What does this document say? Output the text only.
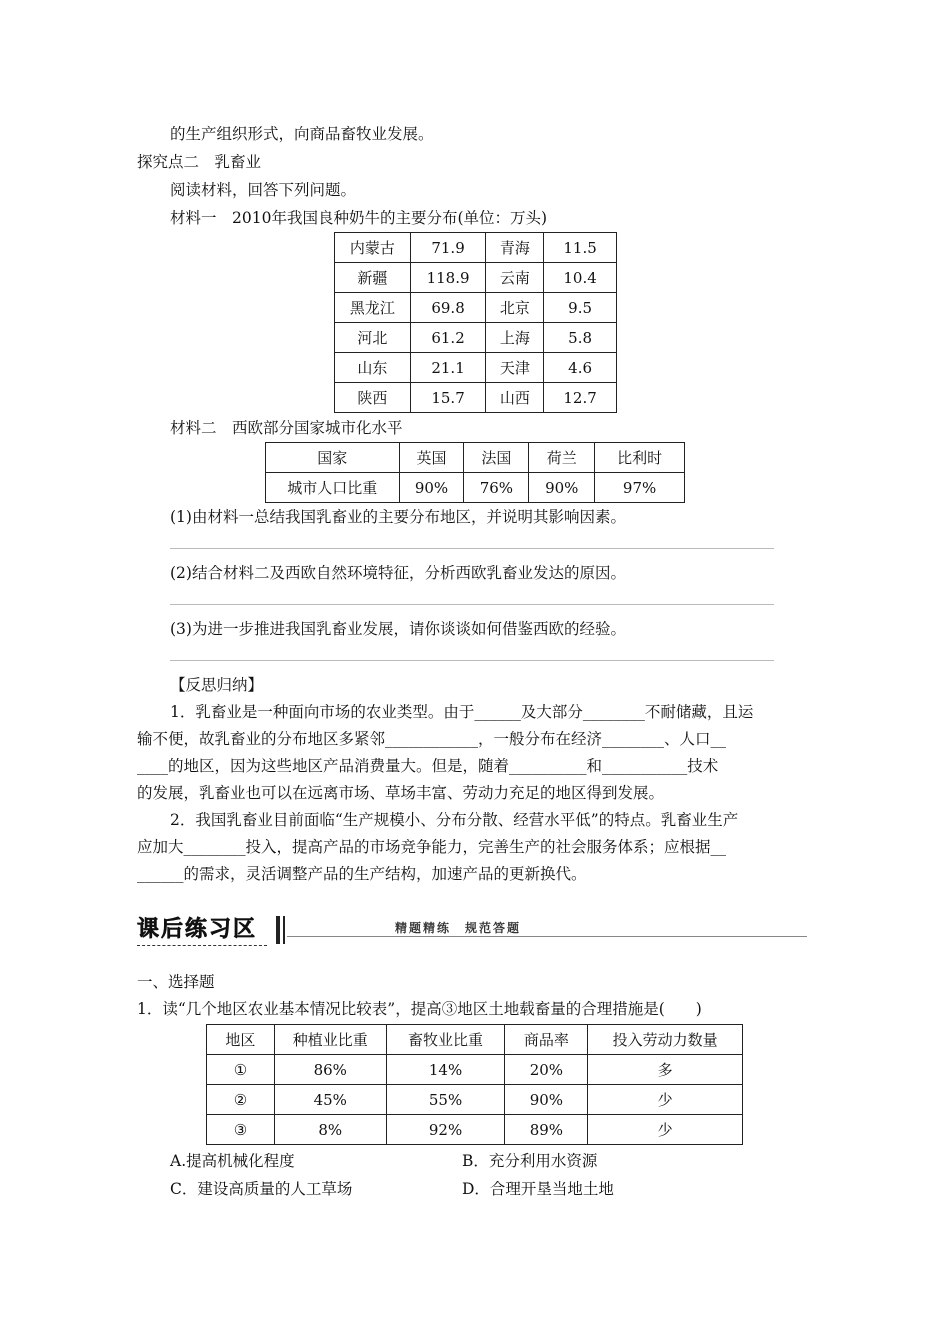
的生产组织形式，向商品畜牧业发展。
探究点二　乳畜业
阅读材料，回答下列问题。
材料一　2010年我国良种奶牛的主要分布(单位：万头)
内蒙古	71.9	青海	11.5
新疆	118.9	云南	10.4
黑龙江	69.8	北京	9.5
河北	61.2	上海	5.8
山东	21.1	天津	4.6
陕西	15.7	山西	12.7
材料二　西欧部分国家城市化水平
国家	英国	法国	荷兰	比利时
城市人口比重	90%	76%	90%	97%
(1)由材料一总结我国乳畜业的主要分布地区，并说明其影响因素。
(2)结合材料二及西欧自然环境特征，分析西欧乳畜业发达的原因。
(3)为进一步推进我国乳畜业发展，请你谈谈如何借鉴西欧的经验。
【反思归纳】
1．乳畜业是一种面向市场的农业类型。由于______及大部分________不耐储藏，且运
输不便，故乳畜业的分布地区多紧邻____________，一般分布在经济________、人口__
____的地区，因为这些地区产品消费量大。但是，随着__________和___________技术
的发展，乳畜业也可以在远离市场、草场丰富、劳动力充足的地区得到发展。
2．我国乳畜业目前面临“生产规模小、分布分散、经营水平低”的特点。乳畜业生产
应加大________投入，提高产品的市场竞争能力，完善生产的社会服务体系；应根据__
______的需求，灵活调整产品的生产结构，加速产品的更新换代。
课后练习区	精题精练　规范答题
一、选择题
1．读“几个地区农业基本情况比较表”，提高③地区土地载畜量的合理措施是(　　)
地区	种植业比重	畜牧业比重	商品率	投入劳动力数量
①	86%	14%	20%	多
②	45%	55%	90%	少
③	8%	92%	89%	少
A.提高机械化程度	B．充分利用水资源
C．建设高质量的人工草场	D．合理开垦当地土地
